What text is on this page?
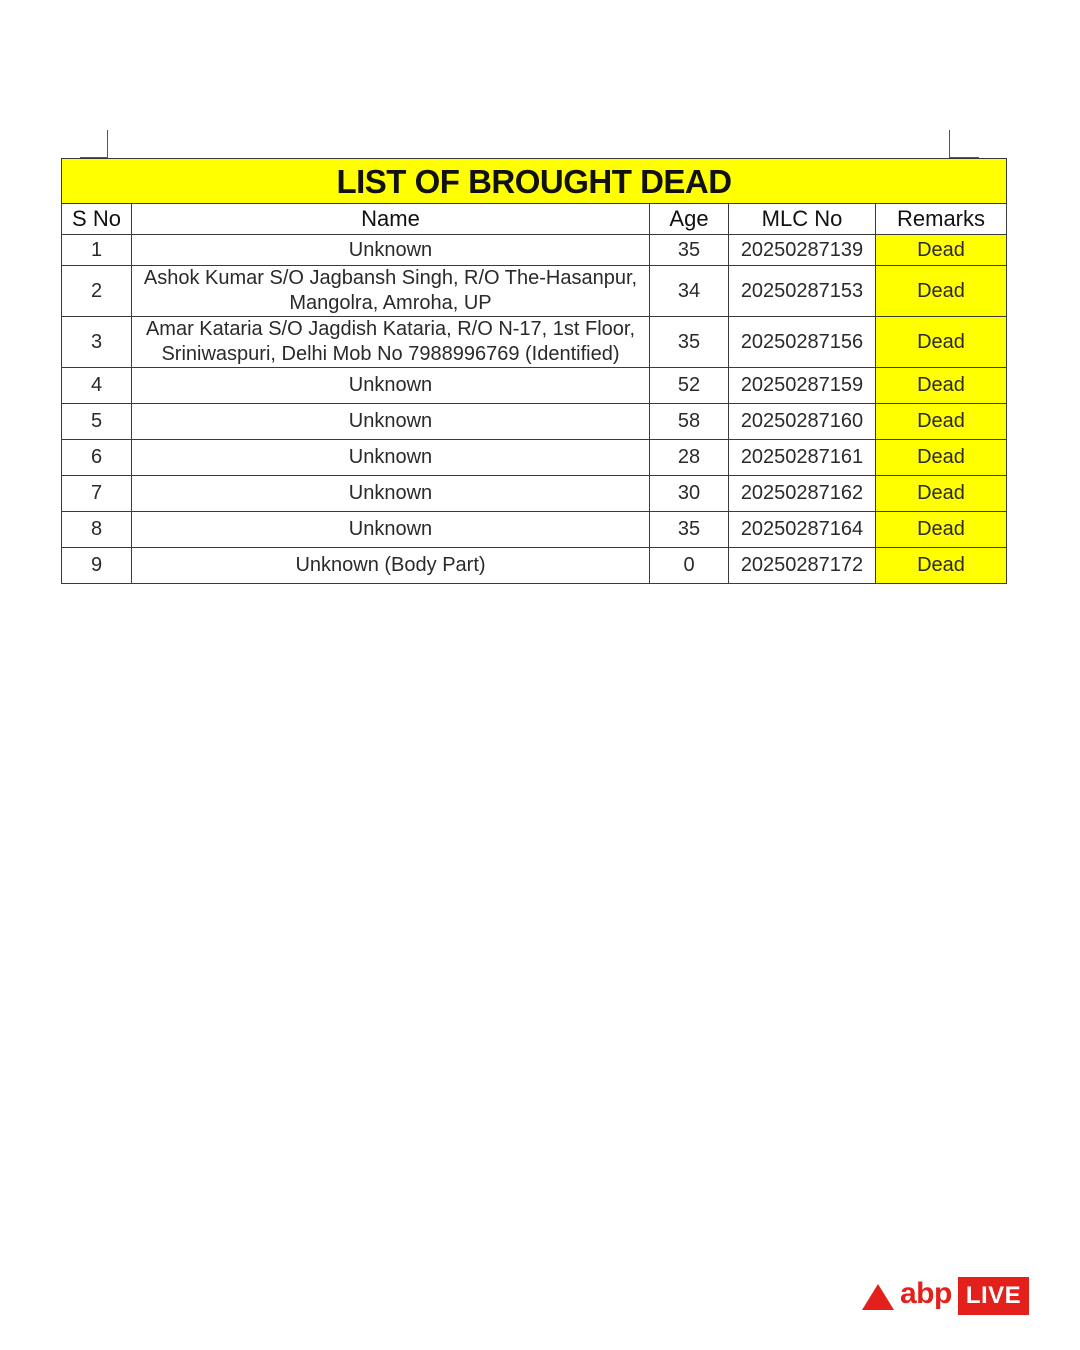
LIST OF BROUGHT DEAD				
S No	Name	Age	MLC No	Remarks
1	Unknown	35	20250287139	Dead
2	Ashok Kumar S/O Jagbansh Singh, R/O The-Hasanpur,
Mangolra, Amroha, UP	34	20250287153	Dead
3	Amar Kataria S/O Jagdish Kataria, R/O N-17, 1st Floor,
Sriniwaspuri, Delhi Mob No 7988996769 (Identified)	35	20250287156	Dead
4	Unknown	52	20250287159	Dead
5	Unknown	58	20250287160	Dead
6	Unknown	28	20250287161	Dead
7	Unknown	30	20250287162	Dead
8	Unknown	35	20250287164	Dead
9	Unknown (Body Part)	0	20250287172	Dead
abp LIVE
